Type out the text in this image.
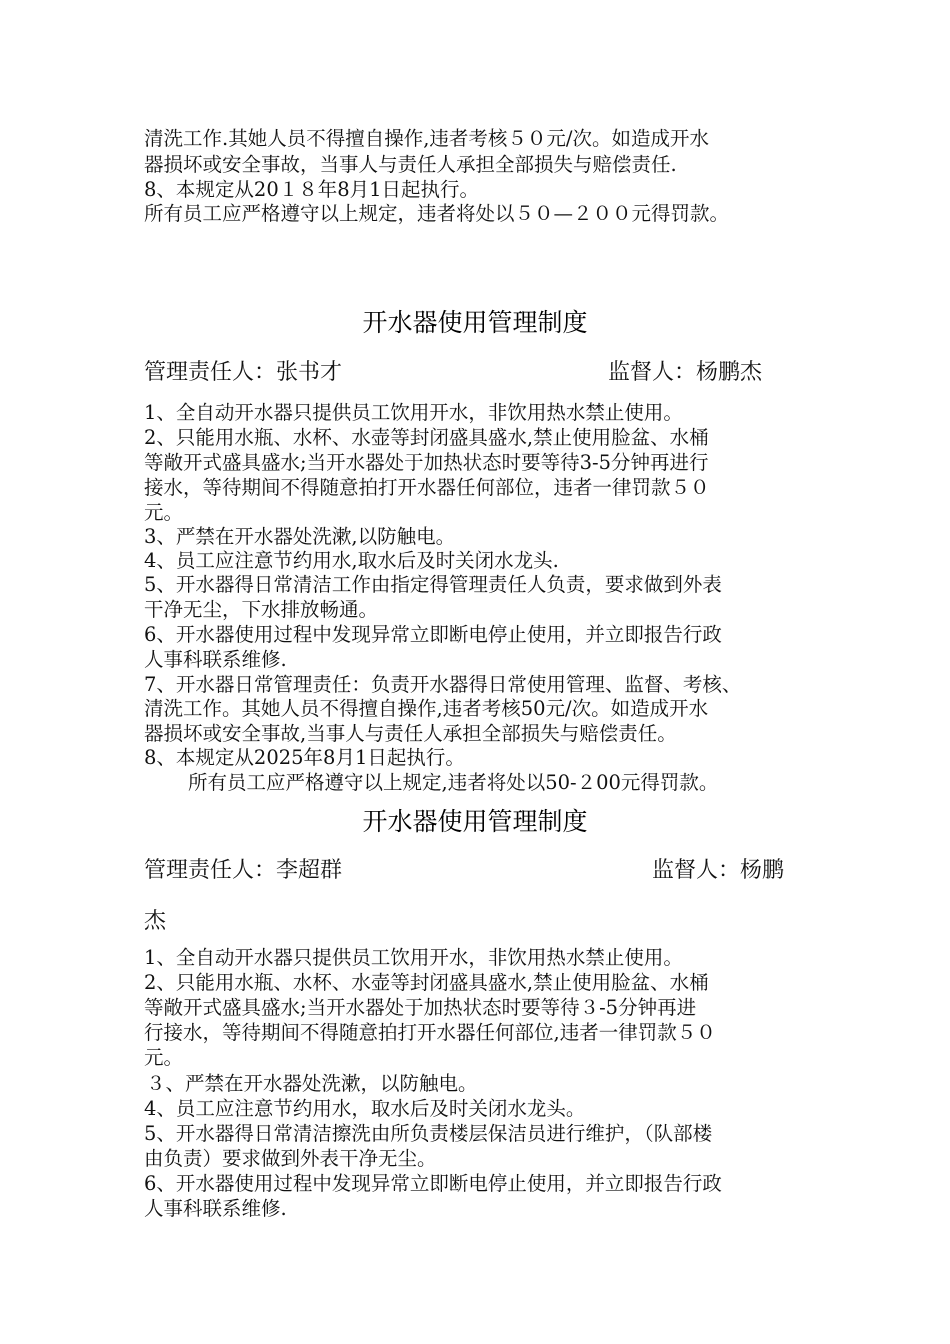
清洗工作.其她人员不得擅自操作,违者考核５０元/次。如造成开水
器损坏或安全事故，当事人与责任人承担全部损失与赔偿责任.
8、本规定从20１８年8月1日起执行。
所有员工应严格遵守以上规定，违者将处以５０—２００元得罚款。
开水器使用管理制度
管理责任人：张书才	监督人：杨鹏杰
1、全自动开水器只提供员工饮用开水，非饮用热水禁止使用。
2、只能用水瓶、水杯、水壶等封闭盛具盛水,禁止使用脸盆、水桶
等敞开式盛具盛水;当开水器处于加热状态时要等待3-5分钟再进行
接水，等待期间不得随意拍打开水器任何部位，违者一律罚款５０
元。
3、严禁在开水器处洗漱,以防触电。
4、员工应注意节约用水,取水后及时关闭水龙头.
5、开水器得日常清洁工作由指定得管理责任人负责，要求做到外表
干净无尘，下水排放畅通。
6、开水器使用过程中发现异常立即断电停止使用，并立即报告行政
人事科联系维修.
7、开水器日常管理责任：负责开水器得日常使用管理、监督、考核、
清洗工作。其她人员不得擅自操作,违者考核50元/次。如造成开水
器损坏或安全事故,当事人与责任人承担全部损失与赔偿责任。
8、本规定从2025年8月1日起执行。
所有员工应严格遵守以上规定,违者将处以50-２00元得罚款。
开水器使用管理制度
管理责任人：李超群	监督人：杨鹏
杰
1、全自动开水器只提供员工饮用开水，非饮用热水禁止使用。
2、只能用水瓶、水杯、水壶等封闭盛具盛水,禁止使用脸盆、水桶
等敞开式盛具盛水;当开水器处于加热状态时要等待３-5分钟再进
行接水，等待期间不得随意拍打开水器任何部位,违者一律罚款５０
元。
３、严禁在开水器处洗漱，以防触电。
4、员工应注意节约用水，取水后及时关闭水龙头。
5、开水器得日常清洁擦洗由所负责楼层保洁员进行维护，（队部楼
由负责）要求做到外表干净无尘。
6、开水器使用过程中发现异常立即断电停止使用，并立即报告行政
人事科联系维修.
